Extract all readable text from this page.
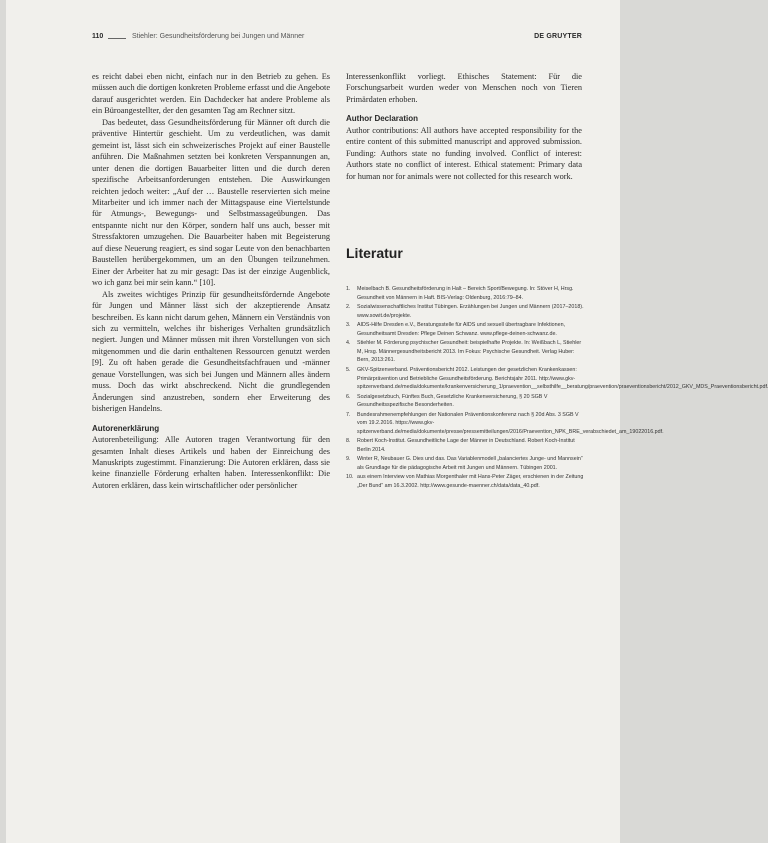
110	Stiehler: Gesundheitsförderung bei Jungen und Männer	DE GRUYTER

es reicht dabei eben nicht, einfach nur in den Betrieb zu gehen. Es müssen auch die dortigen konkreten Probleme erfasst und die Angebote darauf ausgerichtet werden. Ein Dachdecker hat andere Probleme als ein Büroangestellter, der den gesamten Tag am Rechner sitzt.

Das bedeutet, dass Gesundheitsförderung für Männer oft durch die präventive Hintertür geschieht. Um zu verdeutlichen, was damit gemeint ist, lässt sich ein schweizerisches Projekt auf einer Baustelle anführen. Die Maßnahmen setzten bei konkreten Verspannungen an, unter denen die dortigen Bauarbeiter litten und die durch deren spezifische Arbeitsanforderungen entstehen. Die Auswirkungen reichten jedoch weiter: „Auf der … Baustelle reservierten sich meine Mitarbeiter und ich immer nach der Mittagspause eine Viertelstunde für Atmungs-, Bewegungs- und Selbstmassageübungen. Das entspannte nicht nur den Körper, sondern half uns auch, besser mit Stressfaktoren umzugehen. Die Bauarbeiter haben mit Begeisterung auf diese Neuerung reagiert, es sind sogar Leute von den benachbarten Baustellen herübergekommen, um an den Übungen teilzunehmen. Einer der Arbeiter hat zu mir gesagt: Das ist der einzige Augenblick, wo ich ganz bei mir sein kann.“ [10].

Als zweites wichtiges Prinzip für gesundheitsfördernde Angebote für Jungen und Männer lässt sich der akzeptierende Ansatz beschreiben. Es kann nicht darum gehen, Männern ein Verständnis von sich zu vermitteln, welches ihr bisheriges Verhalten grundsätzlich negiert. Jungen und Männer müssen mit ihren Vorstellungen von sich mitgenommen und die darin enthaltenen Ressourcen genutzt werden [9]. Zu oft haben gerade die Gesundheitsfachfrauen und -männer genaue Vorstellungen, was sich bei Jungen und Männern alles ändern muss. Doch das wirkt abschreckend. Nicht die grundlegenden Änderungen sind anzustreben, sondern eher Erweiterung des bisherigen Handelns.

Autorenerklärung

Autorenbeteiligung: Alle Autoren tragen Verantwortung für den gesamten Inhalt dieses Artikels und haben der Einreichung des Manuskripts zugestimmt. Finanzierung: Die Autoren erklären, dass sie keine finanzielle Förderung erhalten haben. Interessenkonflikt: Die Autoren erklären, dass kein wirtschaftlicher oder persönlicher

Interessenkonflikt vorliegt. Ethisches Statement: Für die Forschungsarbeit wurden weder von Menschen noch von Tieren Primärdaten erhoben.

Author Declaration

Author contributions: All authors have accepted responsibility for the entire content of this submitted manuscript and approved submission. Funding: Authors state no funding involved. Conflict of interest: Authors state no conflict of interest. Ethical statement: Primary data for human nor for animals were not collected for this research work.

Literatur
1. Meiselbach B. Gesundheitsförderung in Halt – Bereich Sport/Bewegung. In: Stöver H, Hrsg. Gesundheit von Männern in Haft. BIS-Verlag: Oldenburg, 2016:79–84.
2. Sozialwissenschaftliches Institut Tübingen. Erzählungen bei Jungen und Männern (2017–2018). www.sowit.de/projekte.
3. AIDS-Hilfe Dresden e.V., Beratungsstelle für AIDS und sexuell übertragbare Infektionen, Gesundheitsamt Dresden: Pflege Deinen Schwanz. www.pflege-deinen-schwanz.de.
4. Stiehler M. Förderung psychischer Gesundheit: beispielhafte Projekte. In: Weißbach L, Stiehler M, Hrsg. Männergesundheitsbericht 2013. Im Fokus: Psychische Gesundheit. Verlag Huber: Bern, 2013:261.
5. GKV-Spitzenverband. Präventionsbericht 2012. Leistungen der gesetzlichen Krankenkassen: Primärprävention und Betriebliche Gesundheitsförderung. Berichtsjahr 2011. http://www.gkv-spitzenverband.de/media/dokumente/krankenversicherung_1/praevention__selbsthilfe__beratung/praevention/praeventionsbericht/2012_GKV_MDS_Praeventionsbericht.pdf.
6. Sozialgesetzbuch, Fünftes Buch, Gesetzliche Krankenversicherung, § 20 SGB V Gesundheitsspezifische Besonderheiten.
7. Bundesrahmenempfehlungen der Nationalen Präventionskonferenz nach § 20d Abs. 3 SGB V vom 19.2.2016. https://www.gkv-spitzenverband.de/media/dokumente/presse/pressemitteilungen/2016/Praevention_NPK_BRE_verabschiedet_am_19022016.pdf.
8. Robert Koch-Institut. Gesundheitliche Lage der Männer in Deutschland. Robert Koch-Institut Berlin 2014.
9. Winter R, Neubauer G. Dies und das. Das Variablenmodell „balanciertes Junge- und Mannsein“ als Grundlage für die pädagogische Arbeit mit Jungen und Männern. Tübingen 2001.
10. aus einem Interview von Mathias Morgenthaler mit Hans-Peter Zäger, erschienen in der Zeitung „Der Bund“ am 16.3.2002. http://www.gesunde-maenner.ch/data/data_40.pdf.
